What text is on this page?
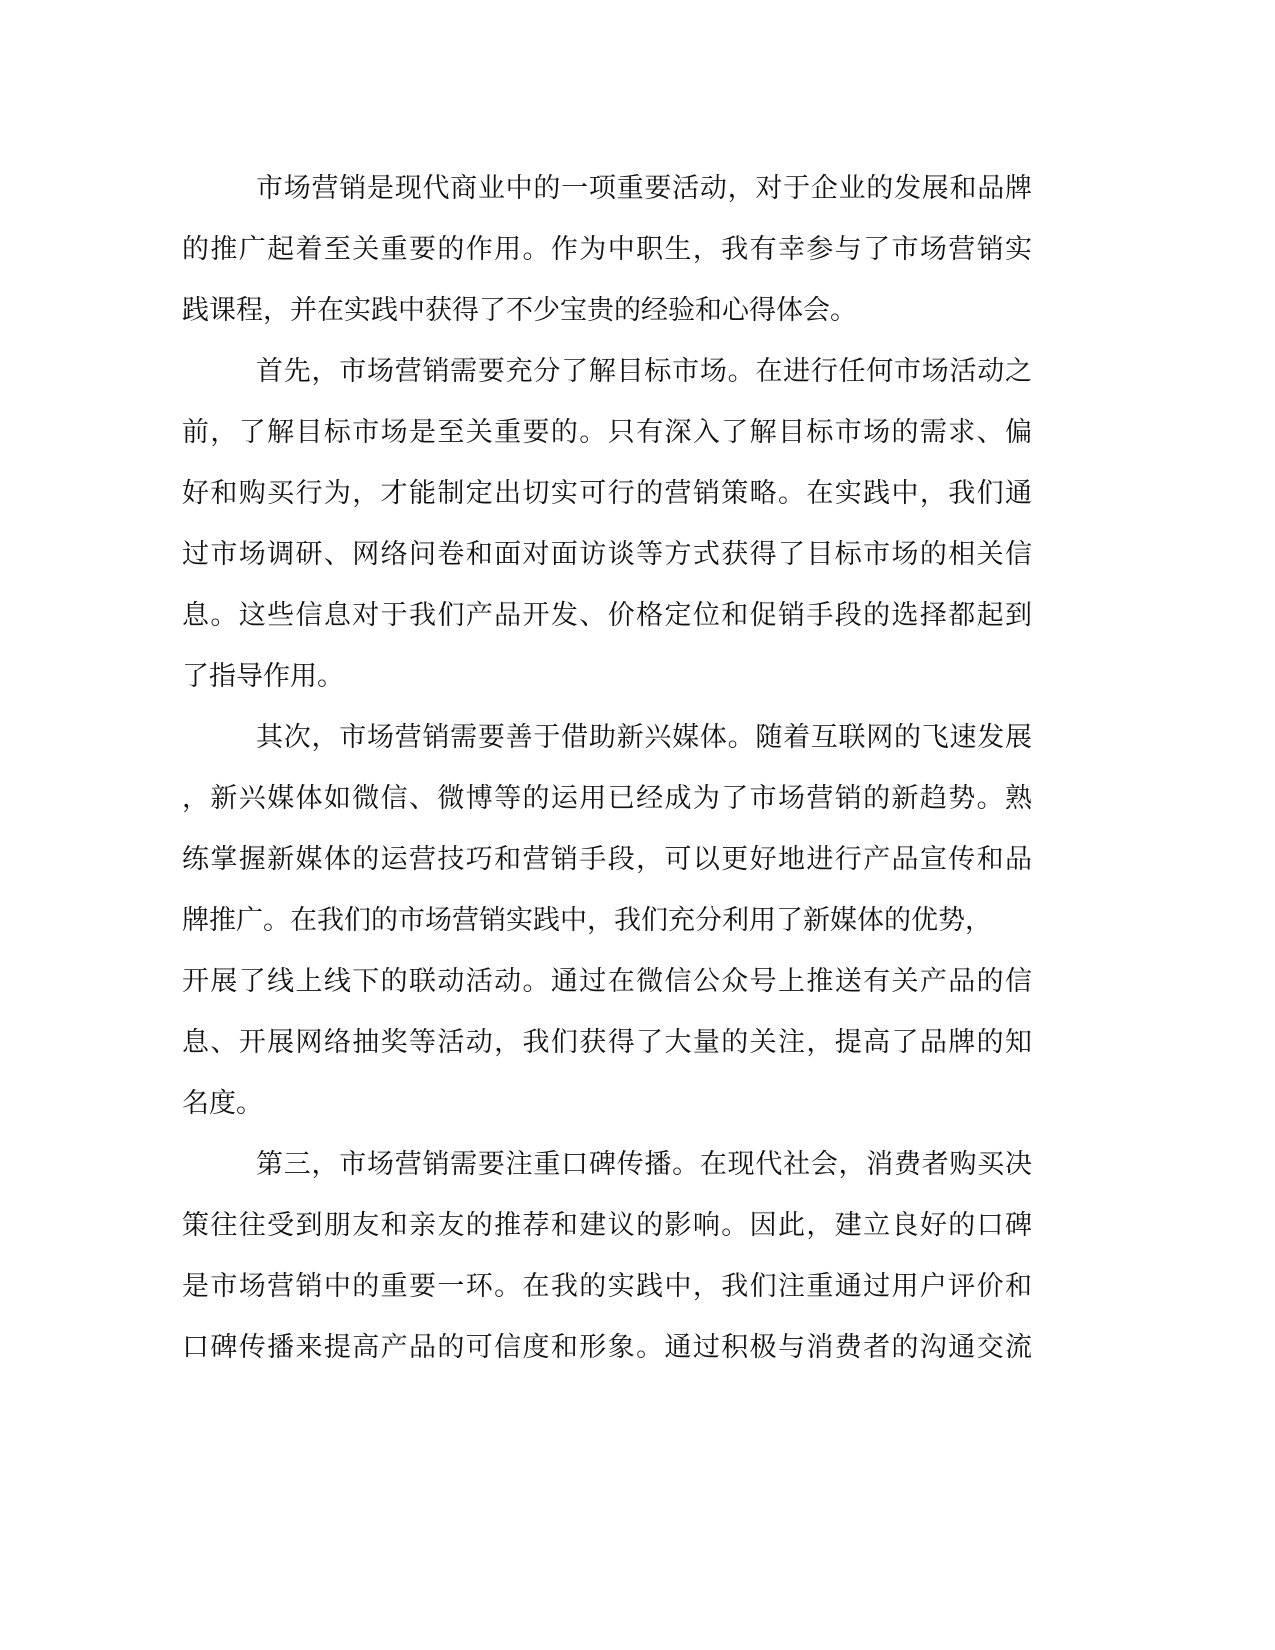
市场营销是现代商业中的一项重要活动，对于企业的发展和品牌
的推广起着至关重要的作用。作为中职生，我有幸参与了市场营销实
践课程，并在实践中获得了不少宝贵的经验和心得体会。
首先，市场营销需要充分了解目标市场。在进行任何市场活动之
前，了解目标市场是至关重要的。只有深入了解目标市场的需求、偏
好和购买行为，才能制定出切实可行的营销策略。在实践中，我们通
过市场调研、网络问卷和面对面访谈等方式获得了目标市场的相关信
息。这些信息对于我们产品开发、价格定位和促销手段的选择都起到
了指导作用。
其次，市场营销需要善于借助新兴媒体。随着互联网的飞速发展
，新兴媒体如微信、微博等的运用已经成为了市场营销的新趋势。熟
练掌握新媒体的运营技巧和营销手段，可以更好地进行产品宣传和品
牌推广。在我们的市场营销实践中，我们充分利用了新媒体的优势，
开展了线上线下的联动活动。通过在微信公众号上推送有关产品的信
息、开展网络抽奖等活动，我们获得了大量的关注，提高了品牌的知
名度。
第三，市场营销需要注重口碑传播。在现代社会，消费者购买决
策往往受到朋友和亲友的推荐和建议的影响。因此，建立良好的口碑
是市场营销中的重要一环。在我的实践中，我们注重通过用户评价和
口碑传播来提高产品的可信度和形象。通过积极与消费者的沟通交流
